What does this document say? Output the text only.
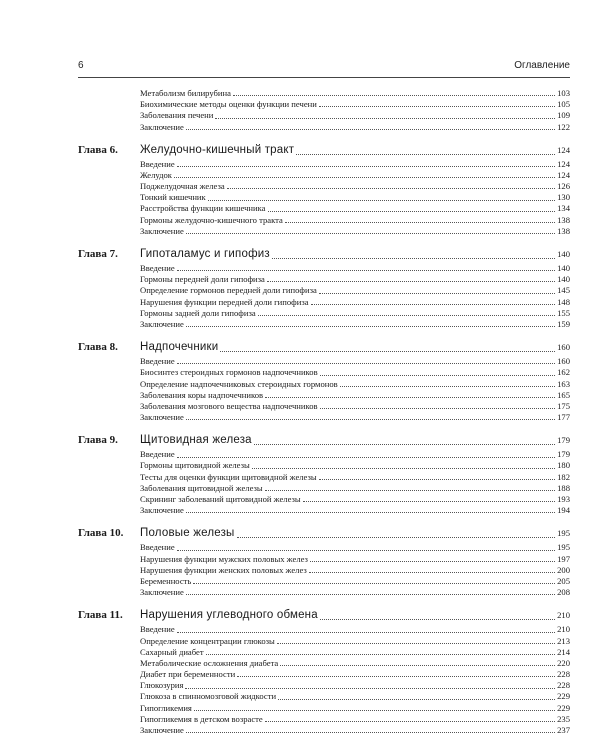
6	Оглавление
Метаболизм билирубина	103
Биохимические методы оценки функции печени	105
Заболевания печени	109
Заключение	122
Глава 6.	Желудочно-кишечный тракт	124
Введение	124
Желудок	124
Поджелудочная железа	126
Тонкий кишечник	130
Расстройства функции кишечника	134
Гормоны желудочно-кишечного тракта	138
Заключение	138
Глава 7.	Гипоталамус и гипофиз	140
Введение	140
Гормоны передней доли гипофиза	140
Определение гормонов передней доли гипофиза	145
Нарушения функции передней доли гипофиза	148
Гормоны задней доли гипофиза	155
Заключение	159
Глава 8.	Надпочечники	160
Введение	160
Биосинтез стероидных гормонов надпочечников	162
Определение надпочечниковых стероидных гормонов	163
Заболевания коры надпочечников	165
Заболевания мозгового вещества надпочечников	175
Заключение	177
Глава 9.	Щитовидная железа	179
Введение	179
Гормоны щитовидной железы	180
Тесты для оценки функции щитовидной железы	182
Заболевания щитовидной железы	188
Скрининг заболеваний щитовидной железы	193
Заключение	194
Глава 10.	Половые железы	195
Введение	195
Нарушения функции мужских половых желез	197
Нарушения функции женских половых желез	200
Беременность	205
Заключение	208
Глава 11.	Нарушения углеводного обмена	210
Введение	210
Определение концентрации глюкозы	213
Сахарный диабет	214
Метаболические осложнения диабета	220
Диабет при беременности	228
Глюкозурия	228
Глюкоза в спинномозговой жидкости	229
Гипогликемия	229
Гипогликемия в детском возрасте	235
Заключение	237
